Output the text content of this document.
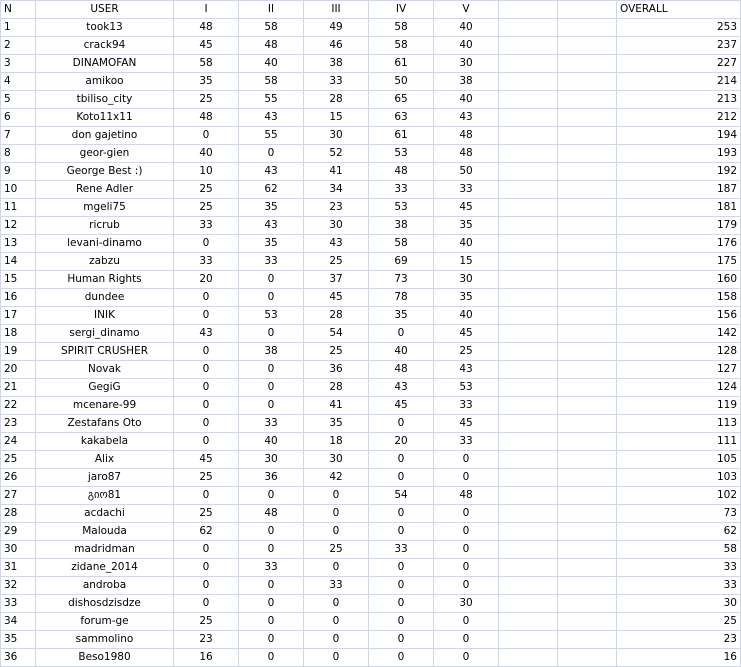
N	USER	I	II	III	IV	V			OVERALL
1	took13	48	58	49	58	40			253
2	crack94	45	48	46	58	40			237
3	DINAMOFAN	58	40	38	61	30			227
4	amikoo	35	58	33	50	38			214
5	tbiliso_city	25	55	28	65	40			213
6	Koto11x11	48	43	15	63	43			212
7	don gajetino	0	55	30	61	48			194
8	geor-gien	40	0	52	53	48			193
9	George Best :)	10	43	41	48	50			192
10	Rene Adler	25	62	34	33	33			187
11	mgeli75	25	35	23	53	45			181
12	ricrub	33	43	30	38	35			179
13	levani-dinamo	0	35	43	58	40			176
14	zabzu	33	33	25	69	15			175
15	Human Rights	20	0	37	73	30			160
16	dundee	0	0	45	78	35			158
17	INIK	0	53	28	35	40			156
18	sergi_dinamo	43	0	54	0	45			142
19	SPIRIT CRUSHER	0	38	25	40	25			128
20	Novak	0	0	36	48	43			127
21	GegiG	0	0	28	43	53			124
22	mcenare-99	0	0	41	45	33			119
23	Zestafans Oto	0	33	35	0	45			113
24	kakabela	0	40	18	20	33			111
25	Alix	45	30	30	0	0			105
26	jaro87	25	36	42	0	0			103
27	გიო81	0	0	0	54	48			102
28	acdachi	25	48	0	0	0			73
29	Malouda	62	0	0	0	0			62
30	madridman	0	0	25	33	0			58
31	zidane_2014	0	33	0	0	0			33
32	androba	0	0	33	0	0			33
33	dishosdzisdze	0	0	0	0	30			30
34	forum-ge	25	0	0	0	0			25
35	sammolino	23	0	0	0	0			23
36	Beso1980	16	0	0	0	0			16
